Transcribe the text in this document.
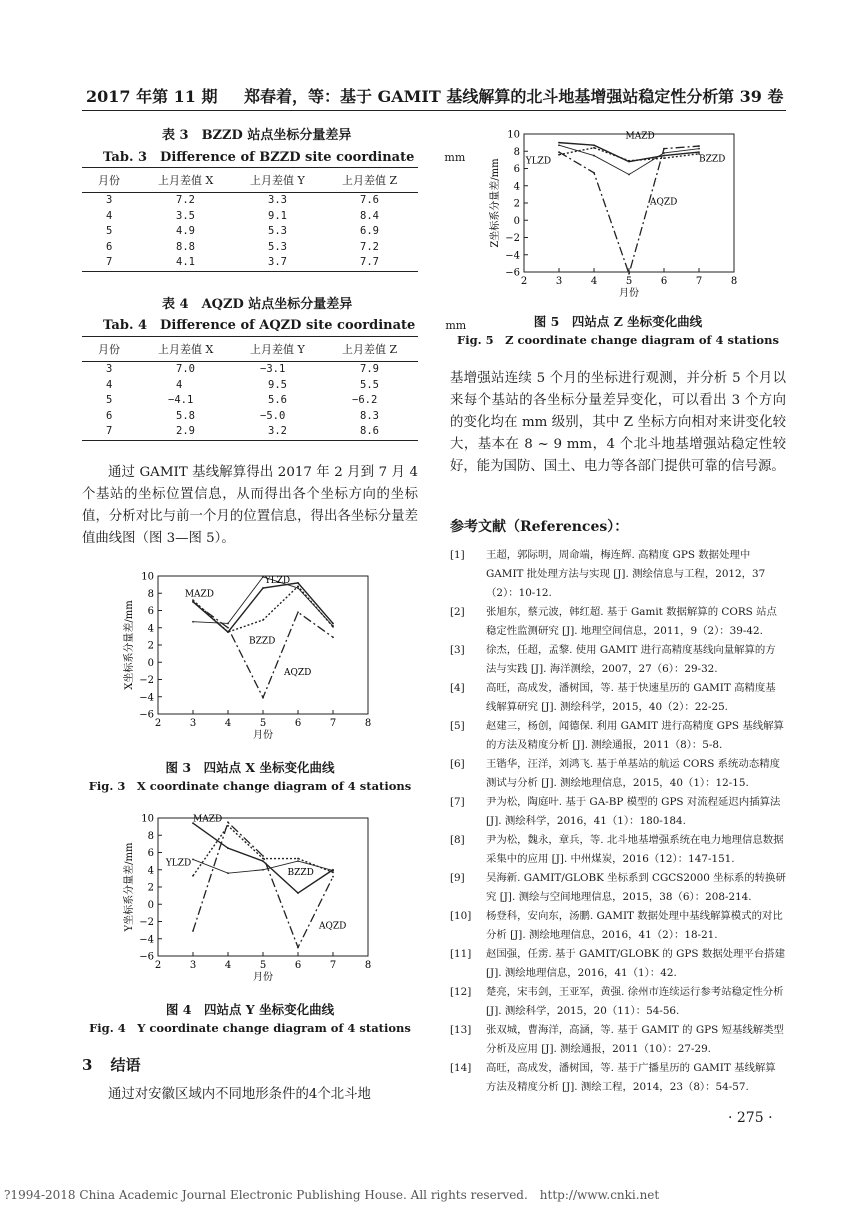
2017 年第 11 期 郑春着，等：基于 GAMIT 基线解算的北斗地基增强站稳定性分析 第 39 卷
表 3　BZZD 站点坐标分量差异
Tab. 3　Difference of BZZD site coordinate	mm
月份	上月差值 X	上月差值 Y	上月差值 Z
3	7.2	3.3	7.6
4	3.5	9.1	8.4
5	4.9	5.3	6.9
6	8.8	5.3	7.2
7	4.1	3.7	7.7
表 4　AQZD 站点坐标分量差异
Tab. 4　Difference of AQZD site coordinate	mm
月份	上月差值 X	上月差值 Y	上月差值 Z
3	7.0	−3.1	7.9
4	4	9.5	5.5
5	−4.1	5.6	−6.2
6	5.8	−5.0	8.3
7	2.9	3.2	8.6
通过 GAMIT 基线解算得出 2017 年 2 月到 7 月 4 个基站的坐标位置信息，从而得出各个坐标方向的坐标值，分析对比与前一个月的位置信息，得出各坐标分量差值曲线图（图 3—图 5）。
10
8
6
4
2
0
−2
−4
−6
2	3	4	5	6	7	8
月份
X坐标系分量差/mm
MAZD
YLZD
BZZD
AQZD
图 3　四站点 X 坐标变化曲线
Fig. 3　X coordinate change diagram of 4 stations
10
8
6
4
2
0
−2
−4
−6
2	3	4	5	6	7	8
月份
Y坐标系分量差/mm
MAZD
YLZD
BZZD
AQZD
图 4　四站点 Y 坐标变化曲线
Fig. 4　Y coordinate change diagram of 4 stations
3 结语
通过对安徽区域内不同地形条件的4个北斗地
10
8
6
4
2
0
−2
−4
−6
2	3	4	5	6	7	8
月份
Z坐标系分量差/mm
MAZD
YLZD	BZZD
AQZD
图 5　四站点 Z 坐标变化曲线
Fig. 5　Z coordinate change diagram of 4 stations
基增强站连续 5 个月的坐标进行观测，并分析 5 个月以来每个基站的各坐标分量差异变化，可以看出 3 个方向的变化均在 mm 级别，其中 Z 坐标方向相对来讲变化较大，基本在 8 ~ 9 mm，4 个北斗地基增强站稳定性较好，能为国防、国土、电力等各部门提供可靠的信号源。
参考文献（References）：
[1]	王超，郭际明，周命端，梅连辉. 高精度 GPS 数据处理中 GAMIT 批处理方法与实现 [J]. 测绘信息与工程，2012，37（2）：10-12.
[2]	张旭东，蔡元波，韩红超. 基于 Gamit 数据解算的 CORS 站点稳定性监测研究 [J]. 地理空间信息，2011，9（2）：39-42.
[3]	徐杰，任超，孟黎. 使用 GAMIT 进行高精度基线向量解算的方法与实践 [J]. 海洋测绘，2007，27（6）：29-32.
[4]	高旺，高成发，潘树国，等. 基于快速星历的 GAMIT 高精度基线解算研究 [J]. 测绘科学，2015，40（2）：22-25.
[5]	赵建三，杨创，闻德保. 利用 GAMIT 进行高精度 GPS 基线解算的方法及精度分析 [J]. 测绘通报，2011（8）：5-8.
[6]	王锴华，汪洋，刘鸿飞. 基于单基站的航运 CORS 系统动态精度测试与分析 [J]. 测绘地理信息，2015，40（1）：12-15.
[7]	尹为松，陶庭叶. 基于 GA-BP 模型的 GPS 对流程延迟内插算法 [J]. 测绘科学，2016，41（1）：180-184.
[8]	尹为松，魏永，章兵，等. 北斗地基增强系统在电力地理信息数据采集中的应用 [J]. 中州煤炭，2016（12）：147-151.
[9]	吴海新. GAMIT/GLOBK 坐标系到 CGCS2000 坐标系的转换研究 [J]. 测绘与空间地理信息，2015，38（6）：208-214.
[10]	杨登科，安向东，汤鹏. GAMIT 数据处理中基线解算模式的对比分析 [J]. 测绘地理信息，2016，41（2）：18-21.
[11]	赵国强，任雳. 基于 GAMIT/GLOBK 的 GPS 数据处理平台搭建 [J]. 测绘地理信息，2016，41（1）：42.
[12]	楚亮，宋韦剑，王亚军，黄强. 徐州市连续运行参考站稳定性分析 [J]. 测绘科学，2015，20（11）：54-56.
[13]	张双城，曹海洋，高涵，等. 基于 GAMIT 的 GPS 短基线解类型分析及应用 [J]. 测绘通报，2011（10）：27-29.
[14]	高旺，高成发，潘树国，等. 基于广播星历的 GAMIT 基线解算方法及精度分析 [J]. 测绘工程，2014，23（8）：54-57.
· 275 ·
?1994-2018 China Academic Journal Electronic Publishing House. All rights reserved.　http://www.cnki.net
